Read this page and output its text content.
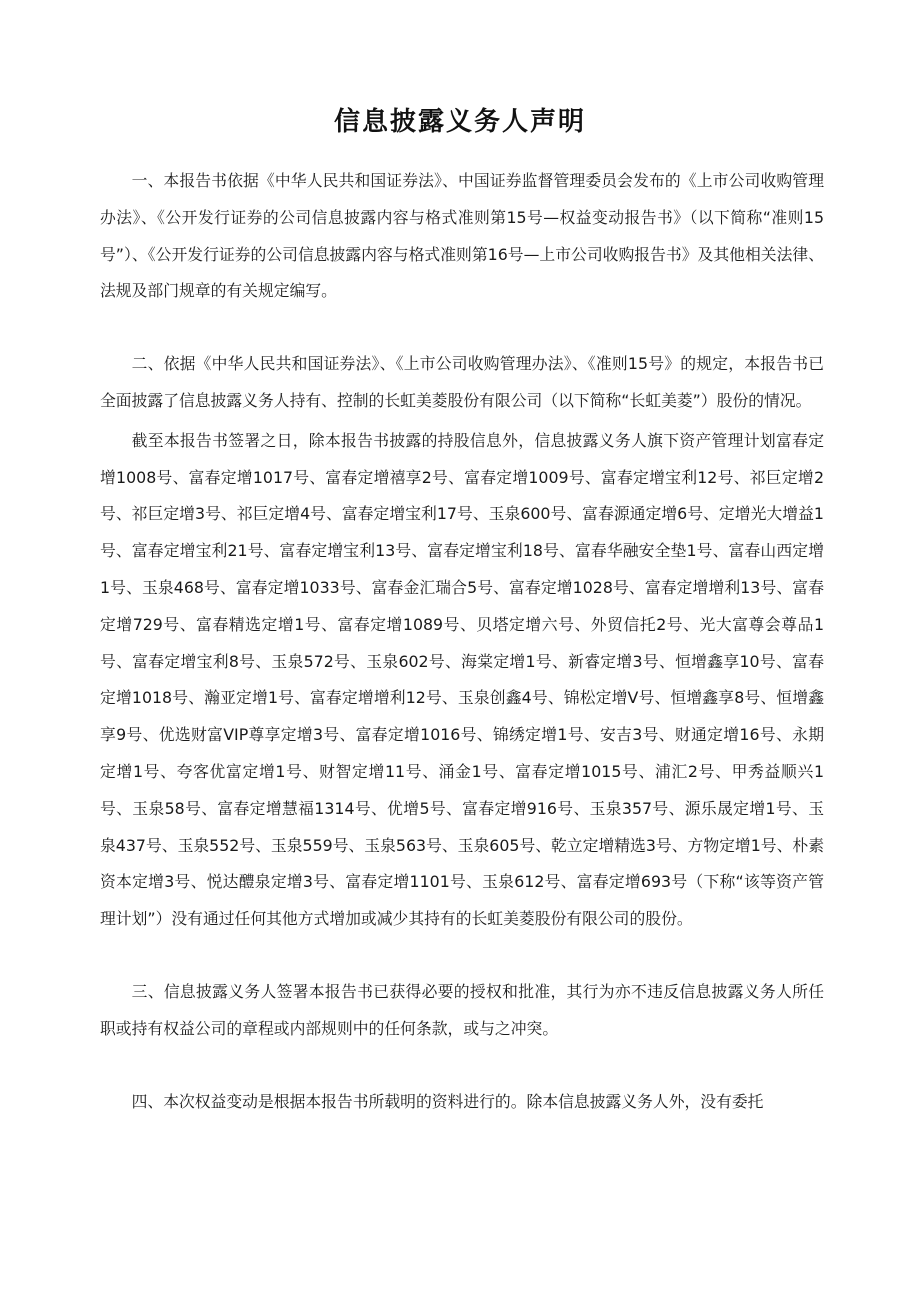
信息披露义务人声明

一、本报告书依据《中华人民共和国证券法》、中国证券监督管理委员会发布的《上市公司收购管理办法》、《公开发行证券的公司信息披露内容与格式准则第15号—权益变动报告书》（以下简称“准则15号”）、《公开发行证券的公司信息披露内容与格式准则第16号—上市公司收购报告书》及其他相关法律、法规及部门规章的有关规定编写。

二、依据《中华人民共和国证券法》、《上市公司收购管理办法》、《准则15号》的规定，本报告书已全面披露了信息披露义务人持有、控制的长虹美菱股份有限公司（以下简称“长虹美菱”）股份的情况。

截至本报告书签署之日，除本报告书披露的持股信息外，信息披露义务人旗下资产管理计划富春定增1008号、富春定增1017号、富春定增禧享2号、富春定增1009号、富春定增宝利12号、祁巨定增2号、祁巨定增3号、祁巨定增4号、富春定增宝利17号、玉泉600号、富春源通定增6号、定增光大增益1号、富春定增宝利21号、富春定增宝利13号、富春定增宝利18号、富春华融安全垫1号、富春山西定增1号、玉泉468号、富春定增1033号、富春金汇瑞合5号、富春定增1028号、富春定增增利13号、富春定增729号、富春精选定增1号、富春定增1089号、贝塔定增六号、外贸信托2号、光大富尊会尊品1号、富春定增宝利8号、玉泉572号、玉泉602号、海棠定增1号、新睿定增3号、恒增鑫享10号、富春定增1018号、瀚亚定增1号、富春定增增利12号、玉泉创鑫4号、锦松定增V号、恒增鑫享8号、恒增鑫享9号、优选财富VIP尊享定增3号、富春定增1016号、锦绣定增1号、安吉3号、财通定增16号、永期定增1号、夸客优富定增1号、财智定增11号、涌金1号、富春定增1015号、浦汇2号、甲秀益顺兴1号、玉泉58号、富春定增慧福1314号、优增5号、富春定增916号、玉泉357号、源乐晟定增1号、玉泉437号、玉泉552号、玉泉559号、玉泉563号、玉泉605号、乾立定增精选3号、方物定增1号、朴素资本定增3号、悦达醴泉定增3号、富春定增1101号、玉泉612号、富春定增693号（下称“该等资产管理计划”）没有通过任何其他方式增加或减少其持有的长虹美菱股份有限公司的股份。

三、信息披露义务人签署本报告书已获得必要的授权和批准，其行为亦不违反信息披露义务人所任职或持有权益公司的章程或内部规则中的任何条款，或与之冲突。

四、本次权益变动是根据本报告书所载明的资料进行的。除本信息披露义务人外，没有委托
